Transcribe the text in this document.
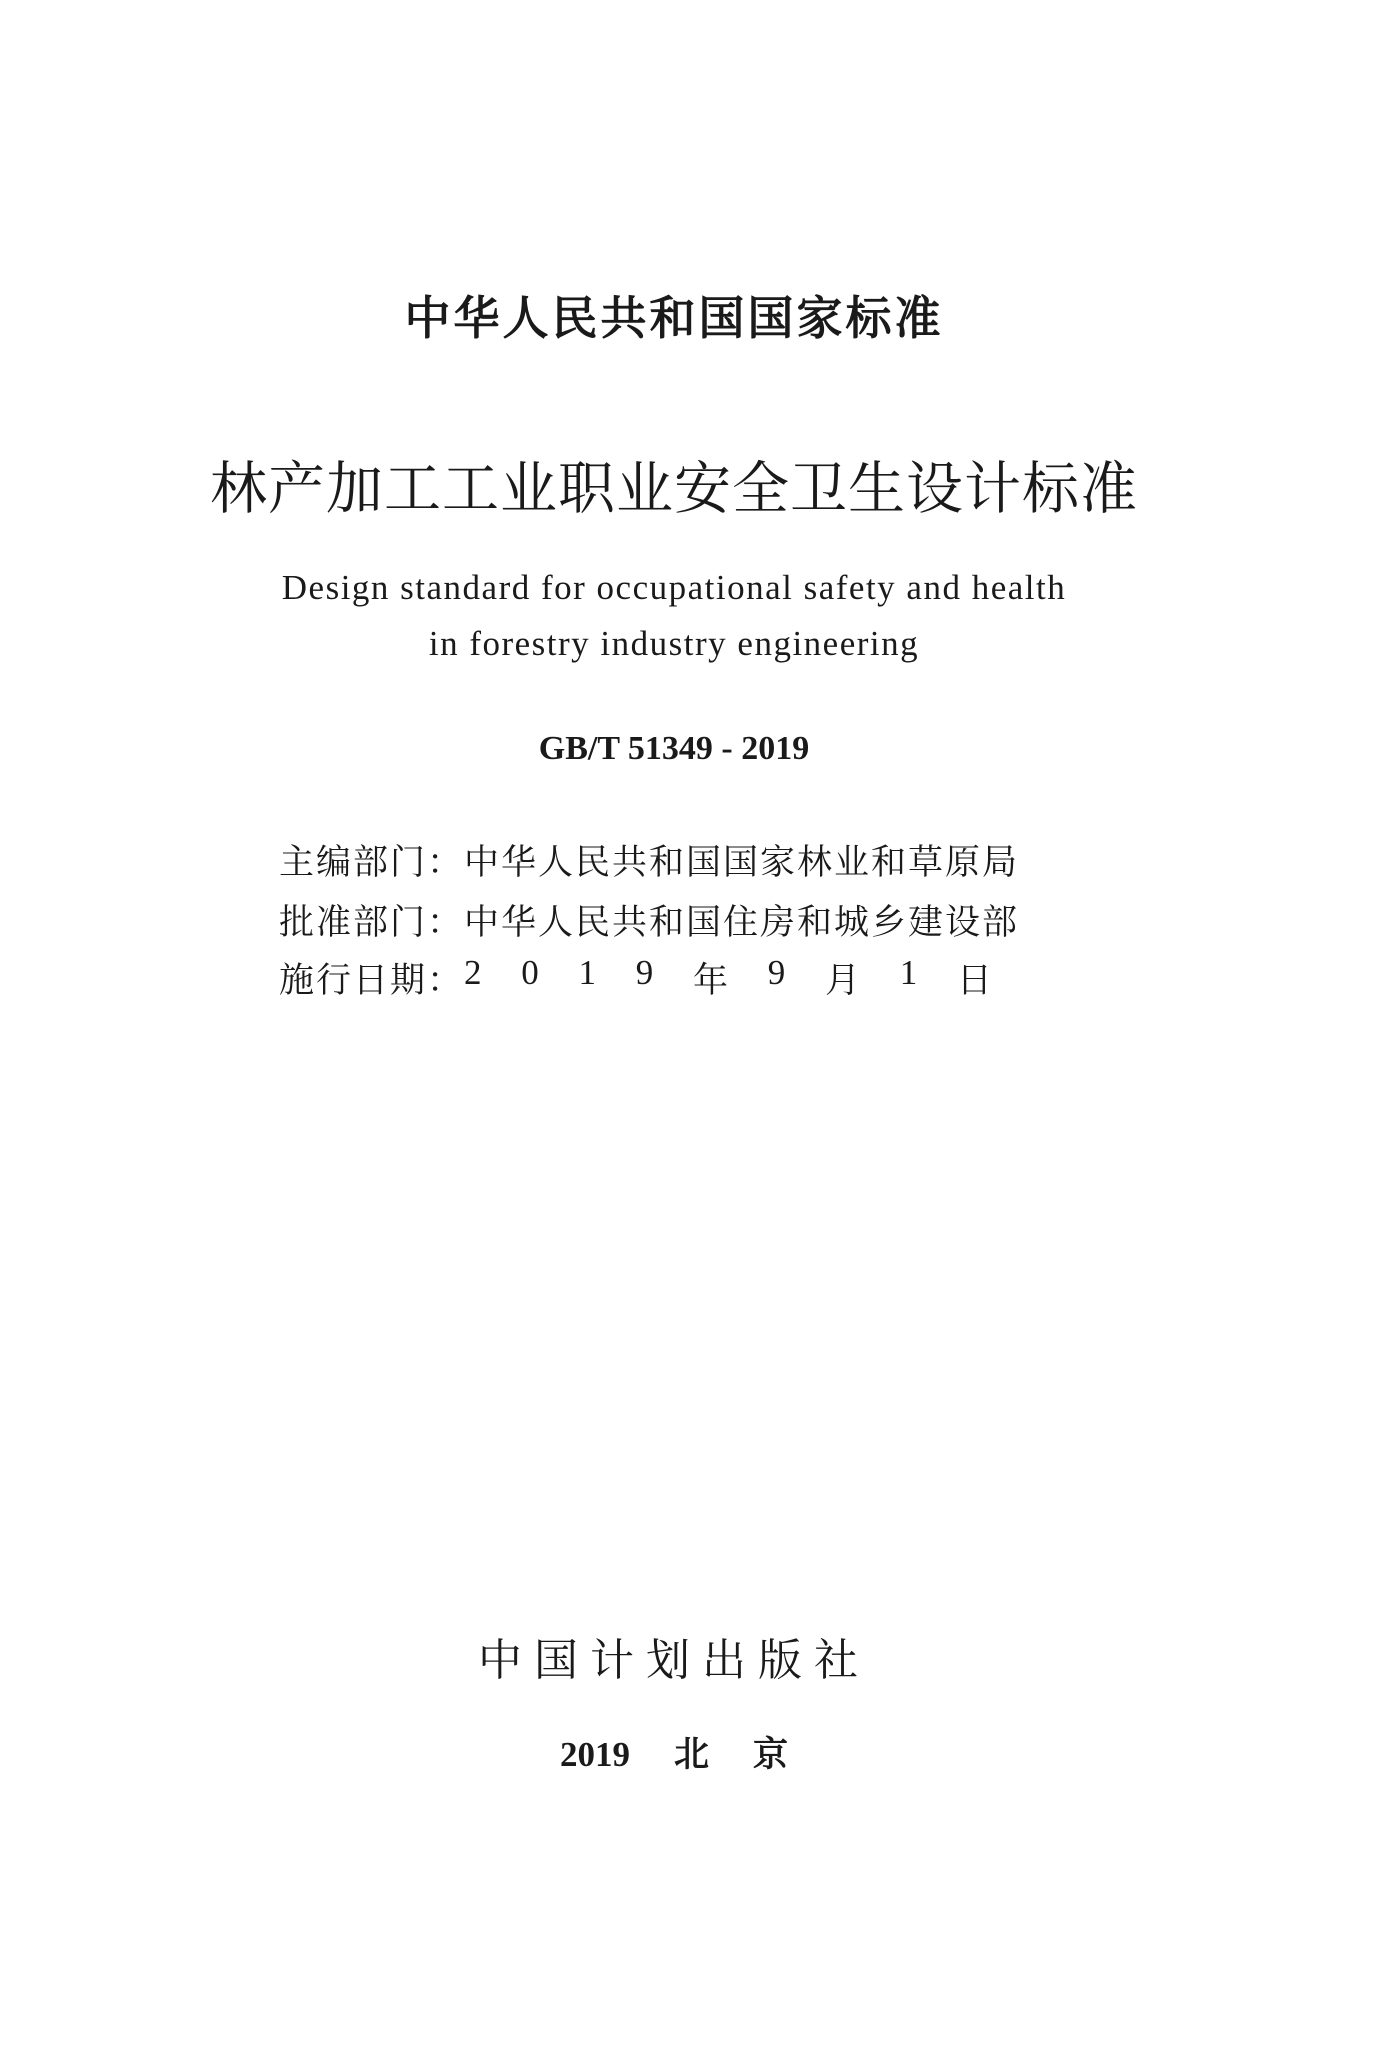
中华人民共和国国家标准
林产加工工业职业安全卫生设计标准
Design standard for occupational safety and health
in forestry industry engineering
GB/T 51349 - 2019
主编部门：中华人民共和国国家林业和草原局
批准部门：中华人民共和国住房和城乡建设部
施行日期： 2 0 1 9 年 9 月 1 日
中国计划出版社
2019 北 京
